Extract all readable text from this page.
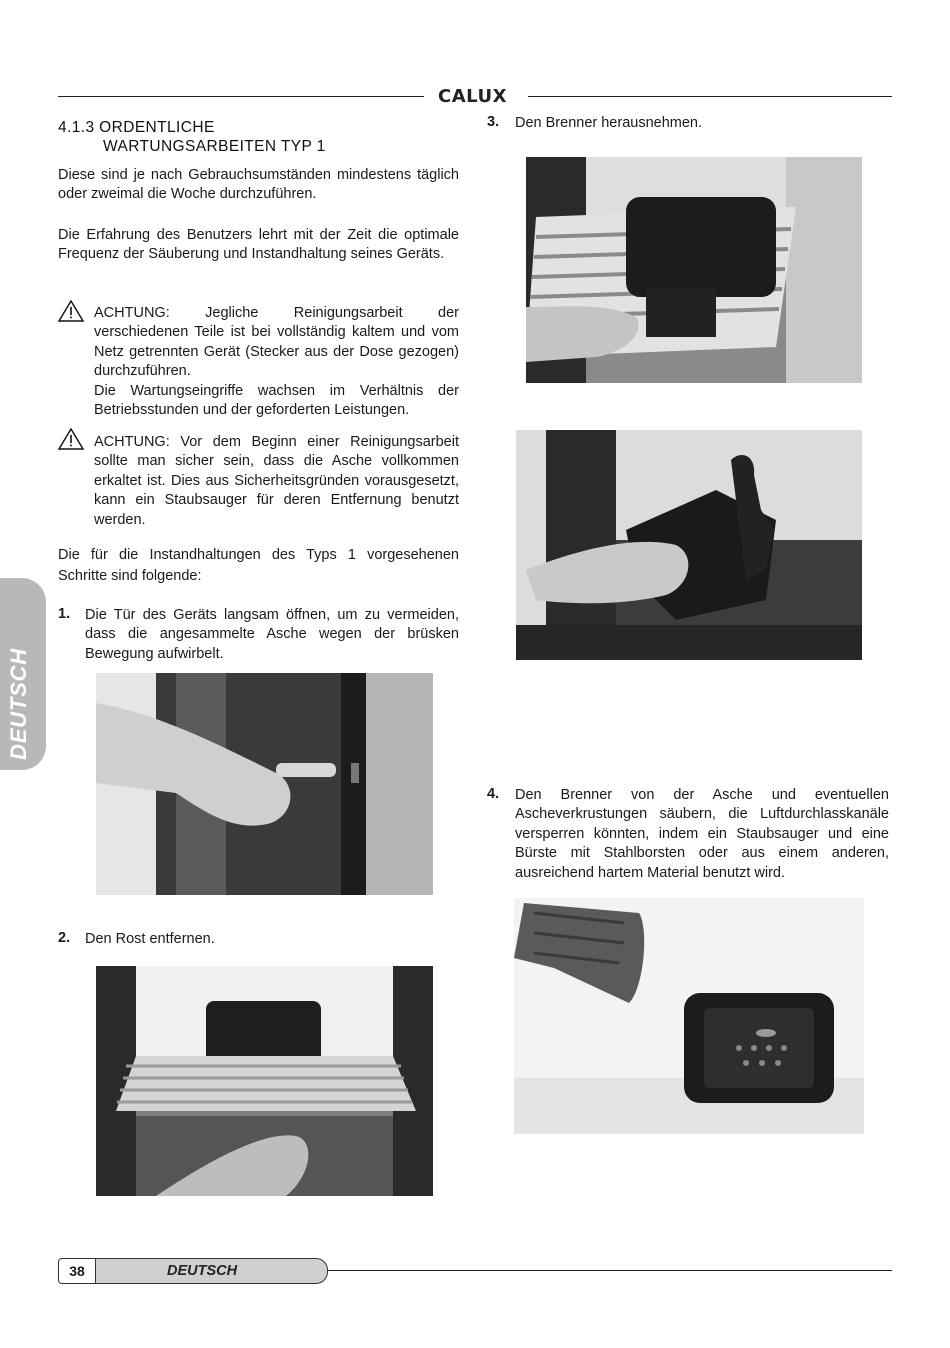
CALUX
4.1.3 ORDENTLICHE
WARTUNGSARBEITEN TYP 1
Diese sind je nach Gebrauchsumständen mindestens täglich oder zweimal die Woche durchzuführen.
Die Erfahrung des Benutzers lehrt mit der Zeit die optimale Frequenz der Säuberung und Instandhaltung seines Geräts.
ACHTUNG: Jegliche Reinigungsarbeit der verschiedenen Teile ist bei vollständig kaltem und vom Netz getrennten Gerät (Stecker aus der Dose gezogen) durchzuführen.
Die Wartungseingriffe wachsen im Verhältnis der Betriebsstunden und der geforderten Leistungen.
ACHTUNG: Vor dem Beginn einer Reinigungsarbeit sollte man sicher sein, dass die Asche vollkommen erkaltet ist. Dies aus Sicherheitsgründen vorausgesetzt, kann ein Staubsauger für deren Entfernung benutzt werden.
Die für die Instandhaltungen des Typs 1 vorgesehenen Schritte sind folgende:
1. Die Tür des Geräts langsam öffnen, um zu vermeiden, dass die angesammelte Asche wegen der brüsken Bewegung aufwirbelt.
2. Den Rost entfernen.
3. Den Brenner herausnehmen.
4. Den Brenner von der Asche und eventuellen Ascheverkrustungen säubern, die Luftdurchlasskanäle versperren könnten, indem ein Staubsauger und eine Bürste mit Stahlborsten oder aus einem anderen, ausreichend hartem Material benutzt wird.
DEUTSCH
38	DEUTSCH
